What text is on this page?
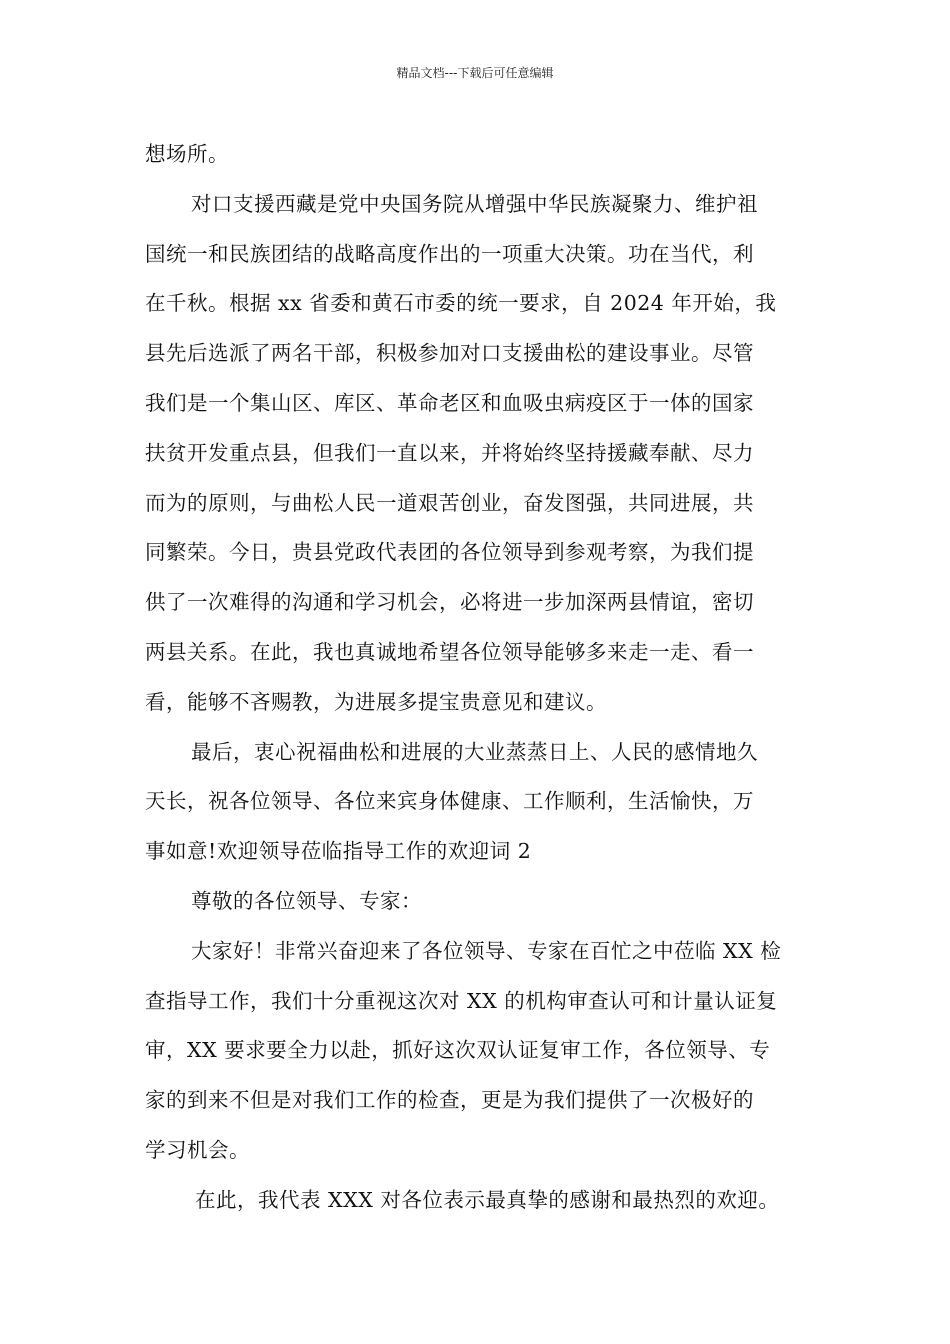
精品文档---下载后可任意编辑
想场所。
对口支援西藏是党中央国务院从增强中华民族凝聚力、维护祖
国统一和民族团结的战略高度作出的一项重大决策。功在当代，利
在千秋。根据 xx 省委和黄石市委的统一要求，自 2024 年开始，我
县先后选派了两名干部，积极参加对口支援曲松的建设事业。尽管
我们是一个集山区、库区、革命老区和血吸虫病疫区于一体的国家
扶贫开发重点县，但我们一直以来，并将始终坚持援藏奉献、尽力
而为的原则，与曲松人民一道艰苦创业，奋发图强，共同进展，共
同繁荣。今日，贵县党政代表团的各位领导到参观考察，为我们提
供了一次难得的沟通和学习机会，必将进一步加深两县情谊，密切
两县关系。在此，我也真诚地希望各位领导能够多来走一走、看一
看，能够不吝赐教，为进展多提宝贵意见和建议。
最后，衷心祝福曲松和进展的大业蒸蒸日上、人民的感情地久
天长，祝各位领导、各位来宾身体健康、工作顺利，生活愉快，万
事如意!欢迎领导莅临指导工作的欢迎词 2
尊敬的各位领导、专家：
大家好！非常兴奋迎来了各位领导、专家在百忙之中莅临 XX 检
查指导工作，我们十分重视这次对 XX 的机构审查认可和计量认证复
审，XX 要求要全力以赴，抓好这次双认证复审工作，各位领导、专
家的到来不但是对我们工作的检查，更是为我们提供了一次极好的
学习机会。
在此，我代表 XXX 对各位表示最真挚的感谢和最热烈的欢迎。
